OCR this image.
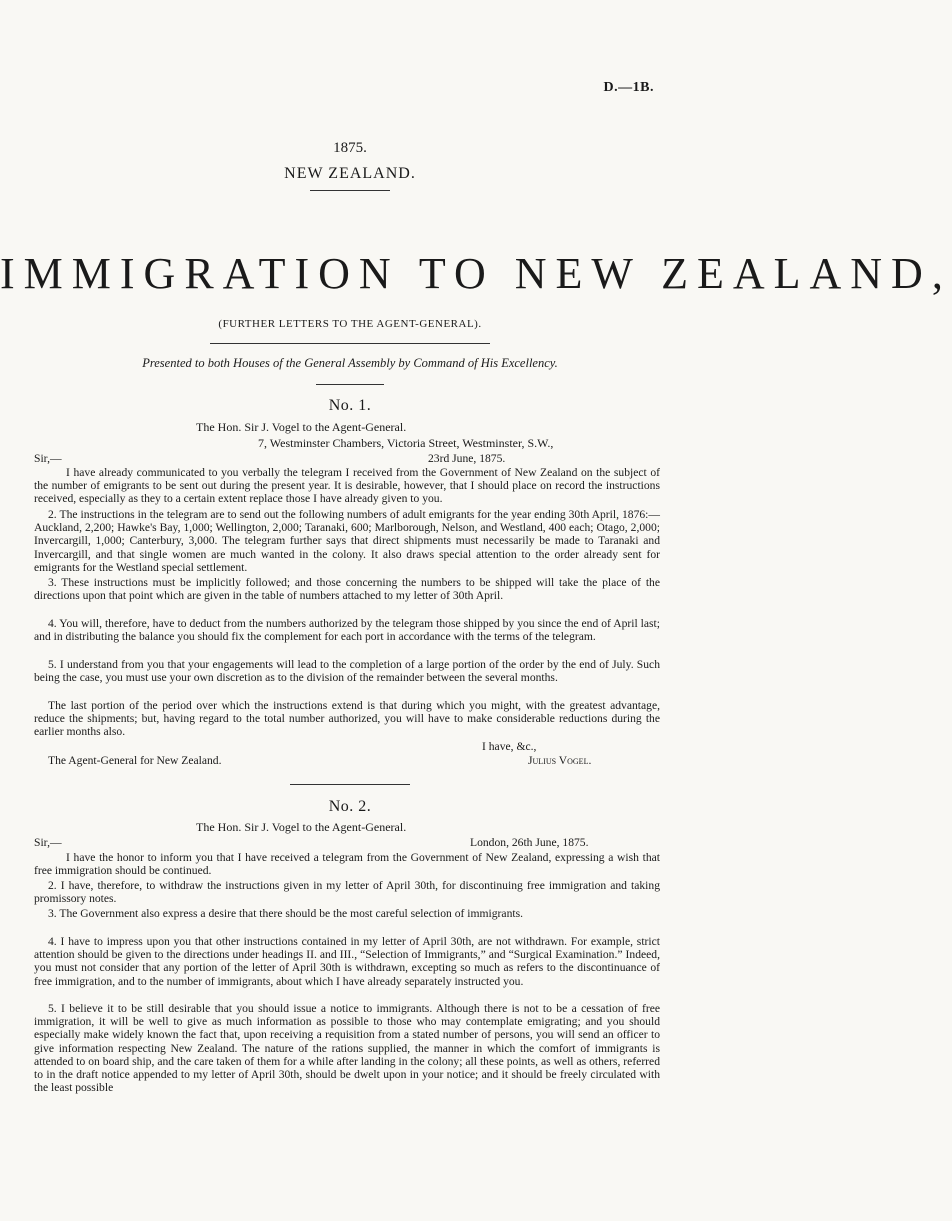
D.—1B.
1875.
NEW ZEALAND.
IMMIGRATION TO NEW ZEALAND,
(FURTHER LETTERS TO THE AGENT-GENERAL).
Presented to both Houses of the General Assembly by Command of His Excellency.
No. 1.
The Hon. Sir J. Vogel to the Agent-General.
7, Westminster Chambers, Victoria Street, Westminster, S.W.,
Sir,—	23rd June, 1875.

I have already communicated to you verbally the telegram I received from the Government of New Zealand on the subject of the number of emigrants to be sent out during the present year. It is desirable, however, that I should place on record the instructions received, especially as they to a certain extent replace those I have already given to you.

2. The instructions in the telegram are to send out the following numbers of adult emigrants for the year ending 30th April, 1876:—Auckland, 2,200; Hawke's Bay, 1,000; Wellington, 2,000; Taranaki, 600; Marlborough, Nelson, and Westland, 400 each; Otago, 2,000; Invercargill, 1,000; Canterbury, 3,000. The telegram further says that direct shipments must necessarily be made to Taranaki and Invercargill, and that single women are much wanted in the colony. It also draws special attention to the order already sent for emigrants for the Westland special settlement.

3. These instructions must be implicitly followed; and those concerning the numbers to be shipped will take the place of the directions upon that point which are given in the table of numbers attached to my letter of 30th April.

4. You will, therefore, have to deduct from the numbers authorized by the telegram those shipped by you since the end of April last; and in distributing the balance you should fix the complement for each port in accordance with the terms of the telegram.

5. I understand from you that your engagements will lead to the completion of a large portion of the order by the end of July. Such being the case, you must use your own discretion as to the division of the remainder between the several months.

The last portion of the period over which the instructions extend is that during which you might, with the greatest advantage, reduce the shipments; but, having regard to the total number authorized, you will have to make considerable reductions during the earlier months also.

I have, &c.,
The Agent-General for New Zealand.	Julius Vogel.
No. 2.
The Hon. Sir J. Vogel to the Agent-General.
Sir,—	London, 26th June, 1875.

I have the honor to inform you that I have received a telegram from the Government of New Zealand, expressing a wish that free immigration should be continued.

2. I have, therefore, to withdraw the instructions given in my letter of April 30th, for discontinuing free immigration and taking promissory notes.

3. The Government also express a desire that there should be the most careful selection of immigrants.

4. I have to impress upon you that other instructions contained in my letter of April 30th, are not withdrawn. For example, strict attention should be given to the directions under headings II. and III., “Selection of Immigrants,” and “Surgical Examination.” Indeed, you must not consider that any portion of the letter of April 30th is withdrawn, excepting so much as refers to the discontinuance of free immigration, and to the number of immigrants, about which I have already separately instructed you.

5. I believe it to be still desirable that you should issue a notice to immigrants. Although there is not to be a cessation of free immigration, it will be well to give as much information as possible to those who may contemplate emigrating; and you should especially make widely known the fact that, upon receiving a requisition from a stated number of persons, you will send an officer to give information respecting New Zealand. The nature of the rations supplied, the manner in which the comfort of immigrants is attended to on board ship, and the care taken of them for a while after landing in the colony; all these points, as well as others, referred to in the draft notice appended to my letter of April 30th, should be dwelt upon in your notice; and it should be freely circulated with the least possible
